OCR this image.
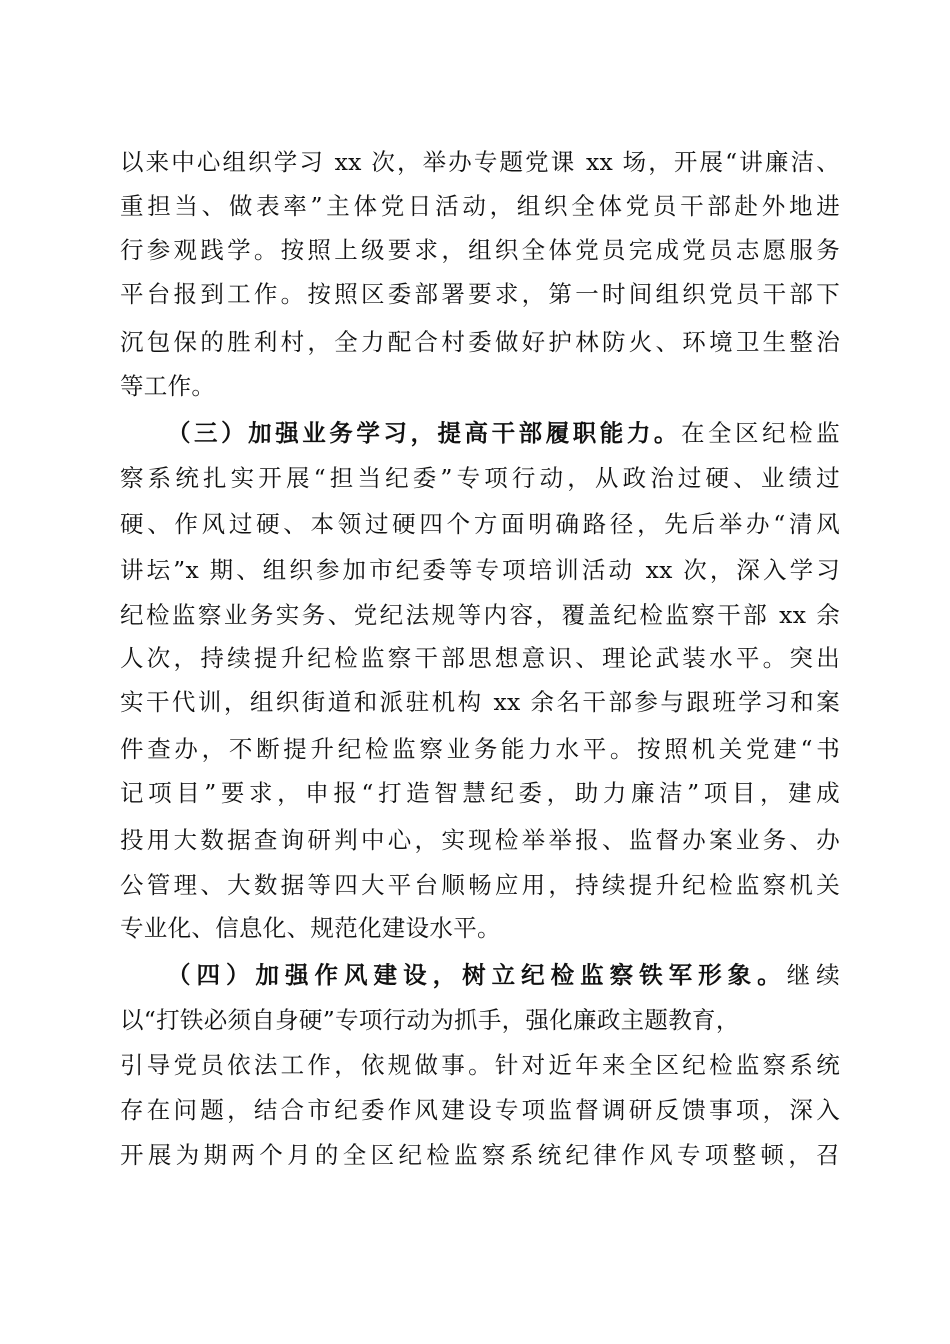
以来中心组织学习 xx 次，举办专题党课 xx 场，开展“讲廉洁、
重担当、做表率”主体党日活动，组织全体党员干部赴外地进
行参观践学。按照上级要求，组织全体党员完成党员志愿服务
平台报到工作。按照区委部署要求，第一时间组织党员干部下
沉包保的胜利村，全力配合村委做好护林防火、环境卫生整治
等工作。
（三）加强业务学习，提高干部履职能力。在全区纪检监
察系统扎实开展“担当纪委”专项行动，从政治过硬、业绩过
硬、作风过硬、本领过硬四个方面明确路径，先后举办“清风
讲坛”x 期、组织参加市纪委等专项培训活动 xx 次，深入学习
纪检监察业务实务、党纪法规等内容，覆盖纪检监察干部 xx 余
人次，持续提升纪检监察干部思想意识、理论武装水平。突出
实干代训，组织街道和派驻机构 xx 余名干部参与跟班学习和案
件查办，不断提升纪检监察业务能力水平。按照机关党建“书
记项目”要求，申报“打造智慧纪委，助力廉洁”项目，建成
投用大数据查询研判中心，实现检举举报、监督办案业务、办
公管理、大数据等四大平台顺畅应用，持续提升纪检监察机关
专业化、信息化、规范化建设水平。
（四）加强作风建设，树立纪检监察铁军形象。继续
以“打铁必须自身硬”专项行动为抓手，强化廉政主题教育，
引导党员依法工作，依规做事。针对近年来全区纪检监察系统
存在问题，结合市纪委作风建设专项监督调研反馈事项，深入
开展为期两个月的全区纪检监察系统纪律作风专项整顿，召
